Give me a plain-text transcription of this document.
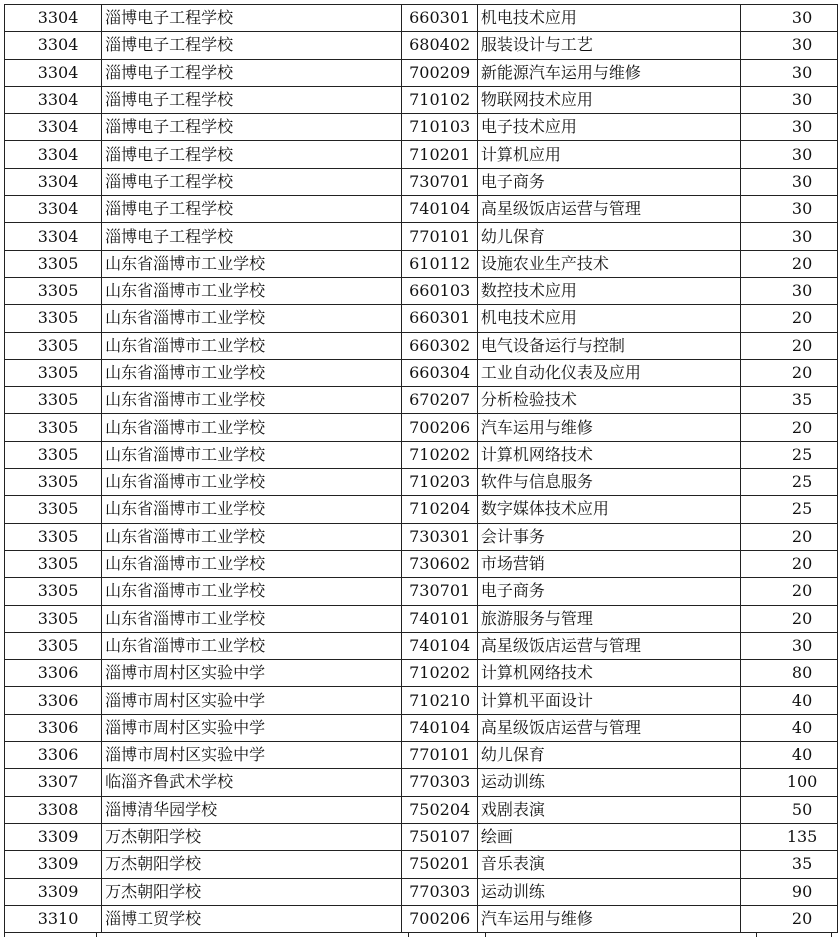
3304	淄博电子工程学校	660301	机电技术应用	30
3304	淄博电子工程学校	680402	服装设计与工艺	30
3304	淄博电子工程学校	700209	新能源汽车运用与维修	30
3304	淄博电子工程学校	710102	物联网技术应用	30
3304	淄博电子工程学校	710103	电子技术应用	30
3304	淄博电子工程学校	710201	计算机应用	30
3304	淄博电子工程学校	730701	电子商务	30
3304	淄博电子工程学校	740104	高星级饭店运营与管理	30
3304	淄博电子工程学校	770101	幼儿保育	30
3305	山东省淄博市工业学校	610112	设施农业生产技术	20
3305	山东省淄博市工业学校	660103	数控技术应用	30
3305	山东省淄博市工业学校	660301	机电技术应用	20
3305	山东省淄博市工业学校	660302	电气设备运行与控制	20
3305	山东省淄博市工业学校	660304	工业自动化仪表及应用	20
3305	山东省淄博市工业学校	670207	分析检验技术	35
3305	山东省淄博市工业学校	700206	汽车运用与维修	20
3305	山东省淄博市工业学校	710202	计算机网络技术	25
3305	山东省淄博市工业学校	710203	软件与信息服务	25
3305	山东省淄博市工业学校	710204	数字媒体技术应用	25
3305	山东省淄博市工业学校	730301	会计事务	20
3305	山东省淄博市工业学校	730602	市场营销	20
3305	山东省淄博市工业学校	730701	电子商务	20
3305	山东省淄博市工业学校	740101	旅游服务与管理	20
3305	山东省淄博市工业学校	740104	高星级饭店运营与管理	30
3306	淄博市周村区实验中学	710202	计算机网络技术	80
3306	淄博市周村区实验中学	710210	计算机平面设计	40
3306	淄博市周村区实验中学	740104	高星级饭店运营与管理	40
3306	淄博市周村区实验中学	770101	幼儿保育	40
3307	临淄齐鲁武术学校	770303	运动训练	100
3308	淄博清华园学校	750204	戏剧表演	50
3309	万杰朝阳学校	750107	绘画	135
3309	万杰朝阳学校	750201	音乐表演	35
3309	万杰朝阳学校	770303	运动训练	90
3310	淄博工贸学校	700206	汽车运用与维修	20
